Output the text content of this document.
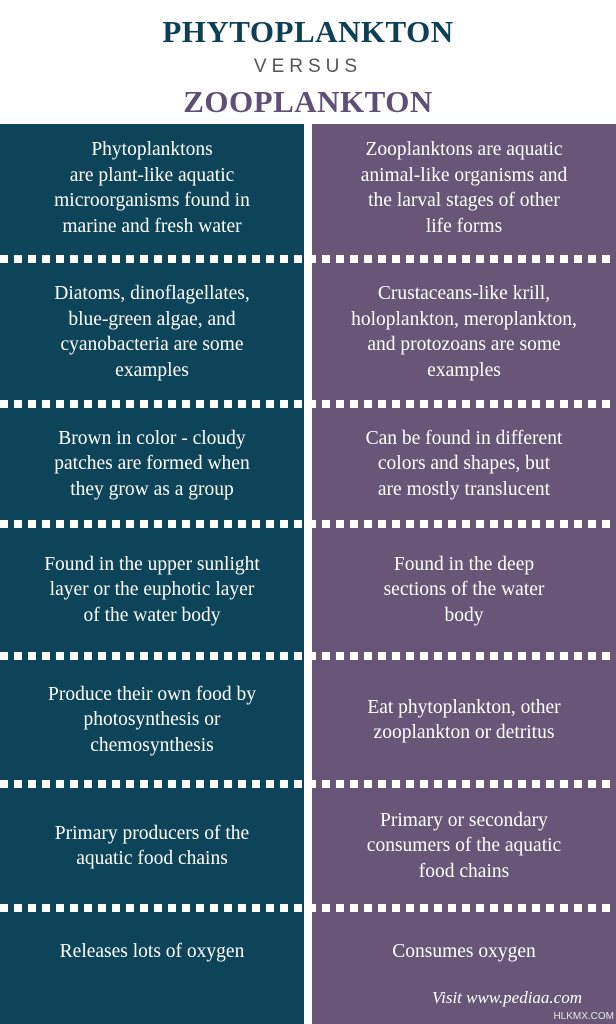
PHYTOPLANKTON
VERSUS
ZOOPLANKTON
Phytoplanktons
are plant-like aquatic
microorganisms found in
marine and fresh water
Zooplanktons are aquatic
animal-like organisms and
the larval stages of other
life forms
Diatoms, dinoflagellates,
blue-green algae, and
cyanobacteria are some
examples
Crustaceans-like krill,
holoplankton, meroplankton,
and protozoans are some
examples
Brown in color - cloudy
patches are formed when
they grow as a group
Can be found in different
colors and shapes, but
are mostly translucent
Found in the upper sunlight
layer or the euphotic layer
of the water body
Found in the deep
sections of the water
body
Produce their own food by
photosynthesis or
chemosynthesis
Eat phytoplankton, other
zooplankton or detritus
Primary producers of the
aquatic food chains
Primary or secondary
consumers of the aquatic
food chains
Releases lots of oxygen	Consumes oxygen
Visit www.pediaa.com
HLKMX.COM
